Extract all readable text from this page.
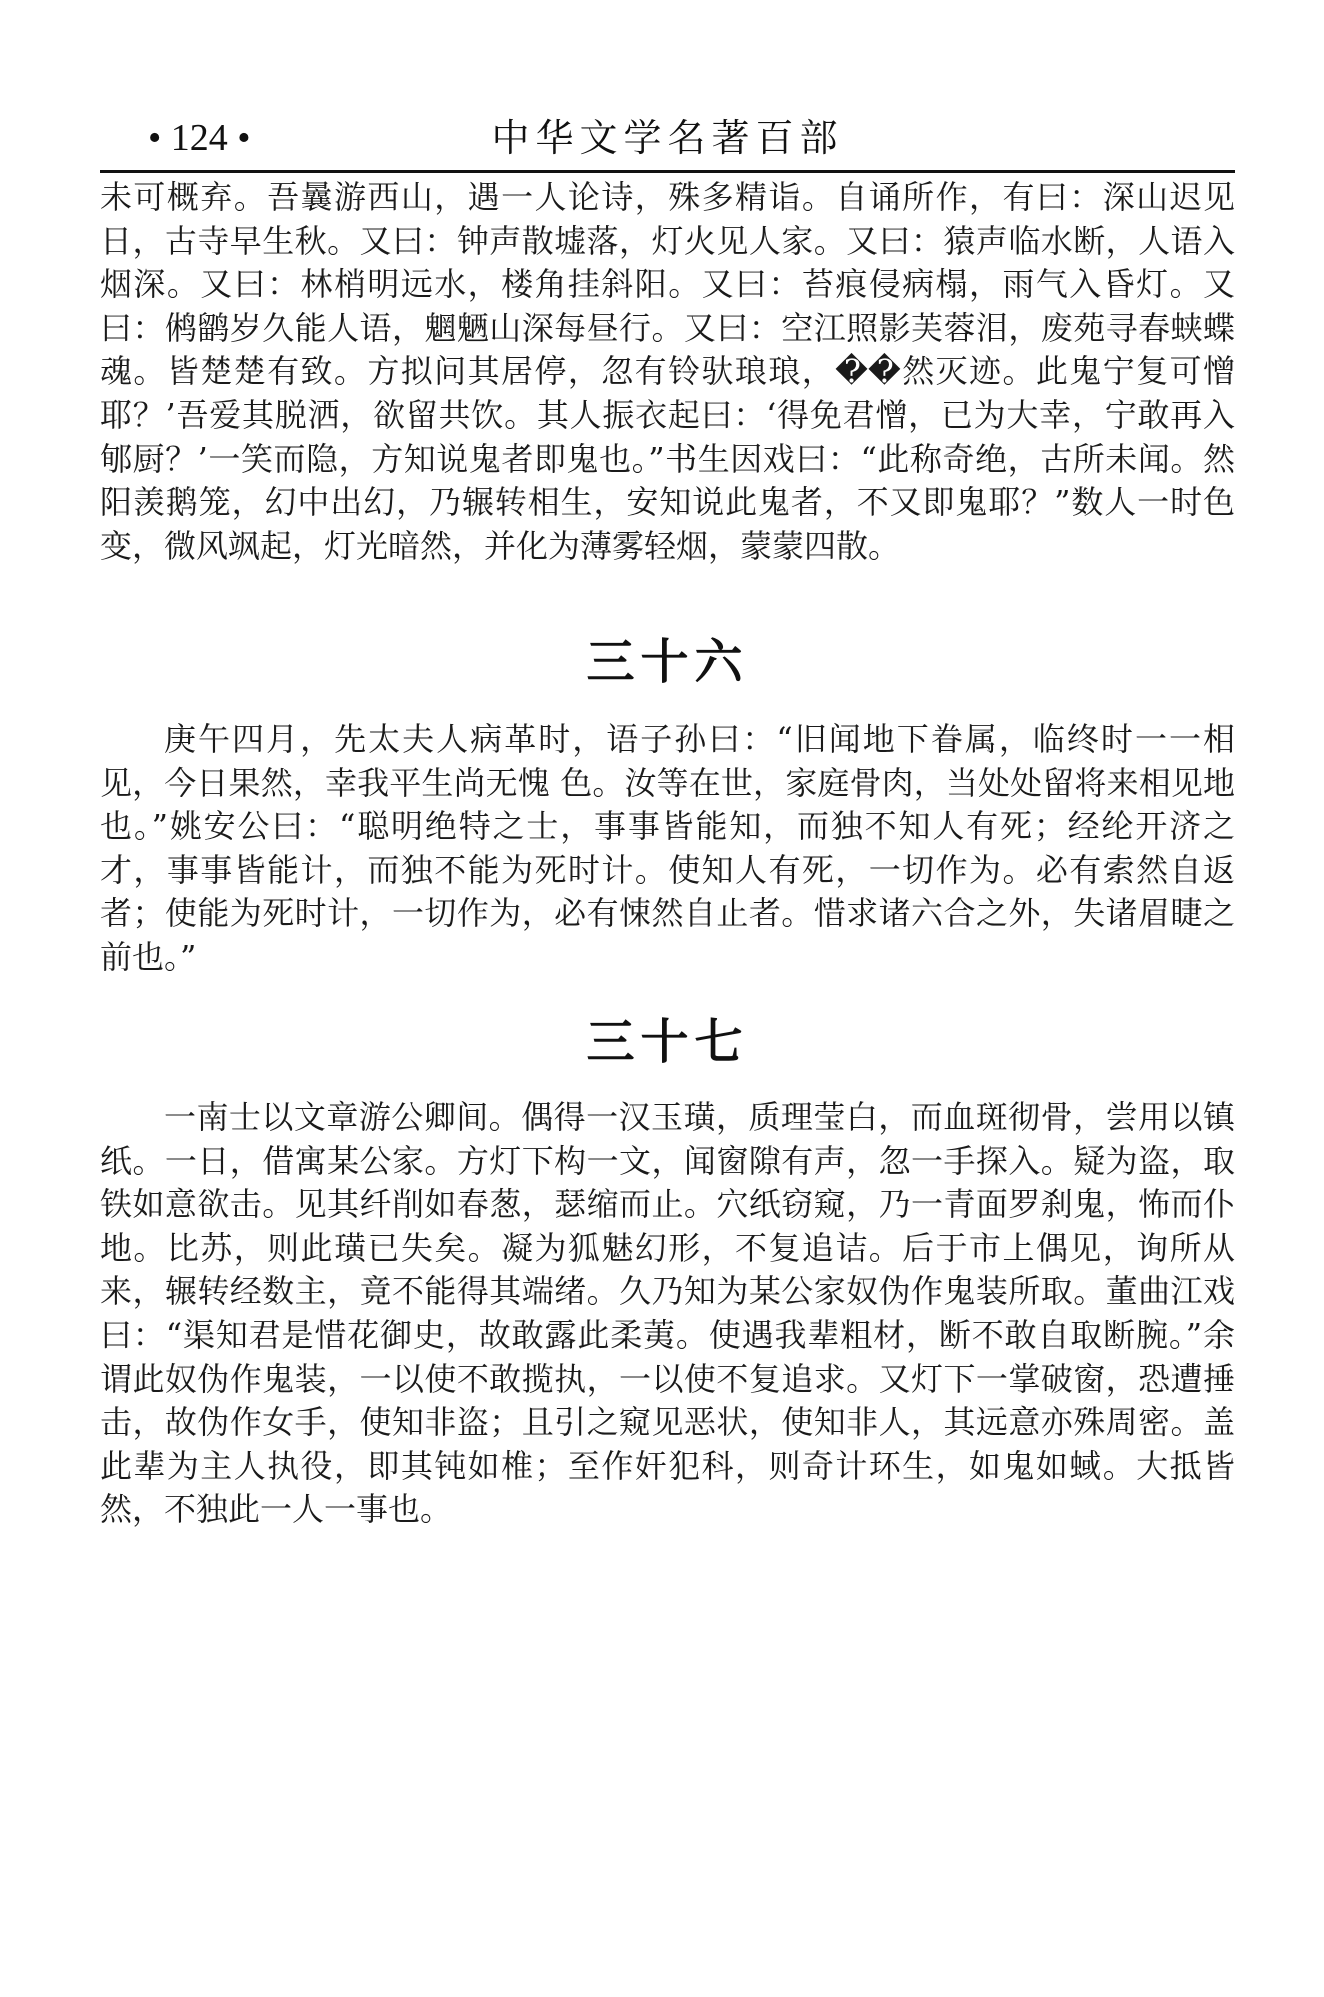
• 124 •	中华文学名著百部

未可概弃。吾曩游西山，遇一人论诗，殊多精诣。自诵所作，有曰：深山迟见日，古寺早生秋。又曰：钟声散墟落，灯火见人家。又曰：猿声临水断，人语入烟深。又曰：林梢明远水，楼角挂斜阳。又曰：苔痕侵病榻，雨气入昏灯。又曰：鸺鹠岁久能人语，魍魉山深每昼行。又曰：空江照影芙蓉泪，废苑寻春蛱蝶魂。皆楚楚有致。方拟问其居停，忽有铃驮琅琅，��然灭迹。此鬼宁复可憎耶？’吾爱其脱洒，欲留共饮。其人振衣起曰：‘得免君憎，已为大幸，宁敢再入郇厨？’一笑而隐，方知说鬼者即鬼也。”书生因戏曰：“此称奇绝，古所未闻。然阳羡鹅笼，幻中出幻，乃辗转相生，安知说此鬼者，不又即鬼耶？”数人一时色变，微风飒起，灯光暗然，并化为薄雾轻烟，蒙蒙四散。

三十六

庚午四月，先太夫人病革时，语子孙曰：“旧闻地下眷属，临终时一一相见，今日果然，幸我平生尚无愧 色。汝等在世，家庭骨肉，当处处留将来相见地也。”姚安公曰：“聪明绝特之士，事事皆能知，而独不知人有死；经纶开济之才，事事皆能计，而独不能为死时计。使知人有死，一切作为。必有索然自返者；使能为死时计，一切作为，必有悚然自止者。惜求诸六合之外，失诸眉睫之前也。”

三十七

一南士以文章游公卿间。偶得一汉玉璜，质理莹白，而血斑彻骨，尝用以镇纸。一日，借寓某公家。方灯下构一文，闻窗隙有声，忽一手探入。疑为盗，取铁如意欲击。见其纤削如春葱，瑟缩而止。穴纸窃窥，乃一青面罗刹鬼，怖而仆地。比苏，则此璜已失矣。凝为狐魅幻形，不复追诘。后于市上偶见，询所从来，辗转经数主，竟不能得其端绪。久乃知为某公家奴伪作鬼装所取。董曲江戏曰：“渠知君是惜花御史，故敢露此柔荑。使遇我辈粗材，断不敢自取断腕。”余谓此奴伪作鬼装，一以使不敢揽执，一以使不复追求。又灯下一掌破窗，恐遭捶击，故伪作女手，使知非盗；且引之窥见恶状，使知非人，其远意亦殊周密。盖此辈为主人执役，即其钝如椎；至作奸犯科，则奇计环生，如鬼如蜮。大抵皆然，不独此一人一事也。
